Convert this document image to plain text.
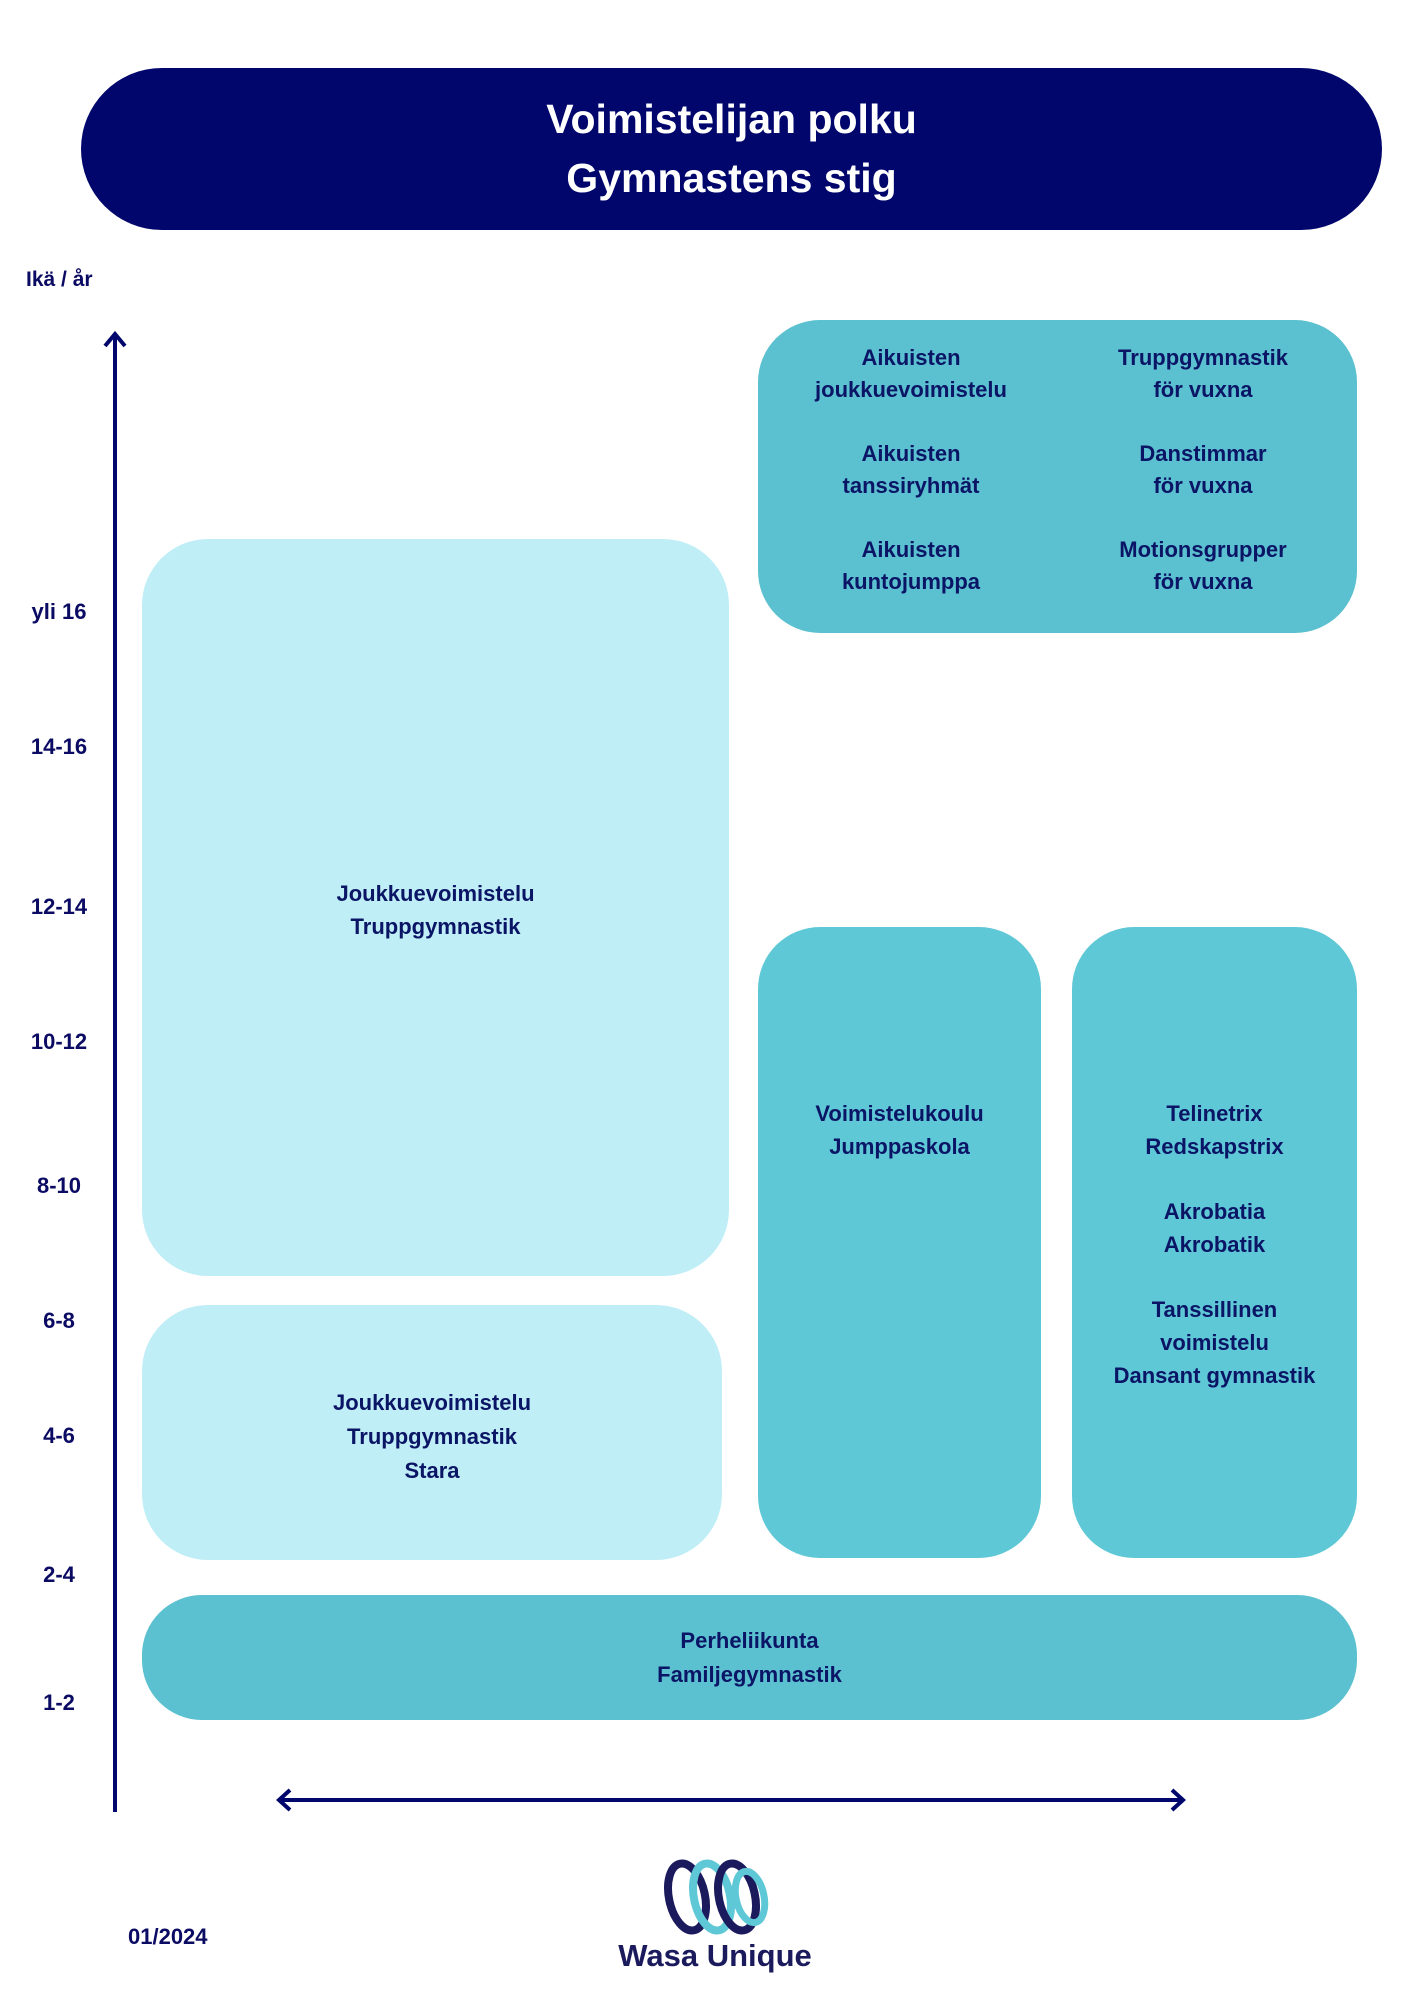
Voimistelijan polku
Gymnastens stig
Ikä / år
yli 16
14-16
12-14
10-12
8-10
6-8
4-6
2-4
1-2
Aikuisten
joukkuevoimistelu
Aikuisten
tanssiryhmät
Aikuisten
kuntojumppa
Truppgymnastik
för vuxna
Danstimmar
för vuxna
Motionsgrupper
för vuxna
Joukkuevoimistelu
Truppgymnastik
Joukkuevoimistelu
Truppgymnastik
Stara
Voimistelukoulu
Jumppaskola
Telinetrix
Redskapstrix
Akrobatia
Akrobatik
Tanssillinen
voimistelu
Dansant gymnastik
Perheliikunta
Familjegymnastik
01/2024
Wasa Unique
